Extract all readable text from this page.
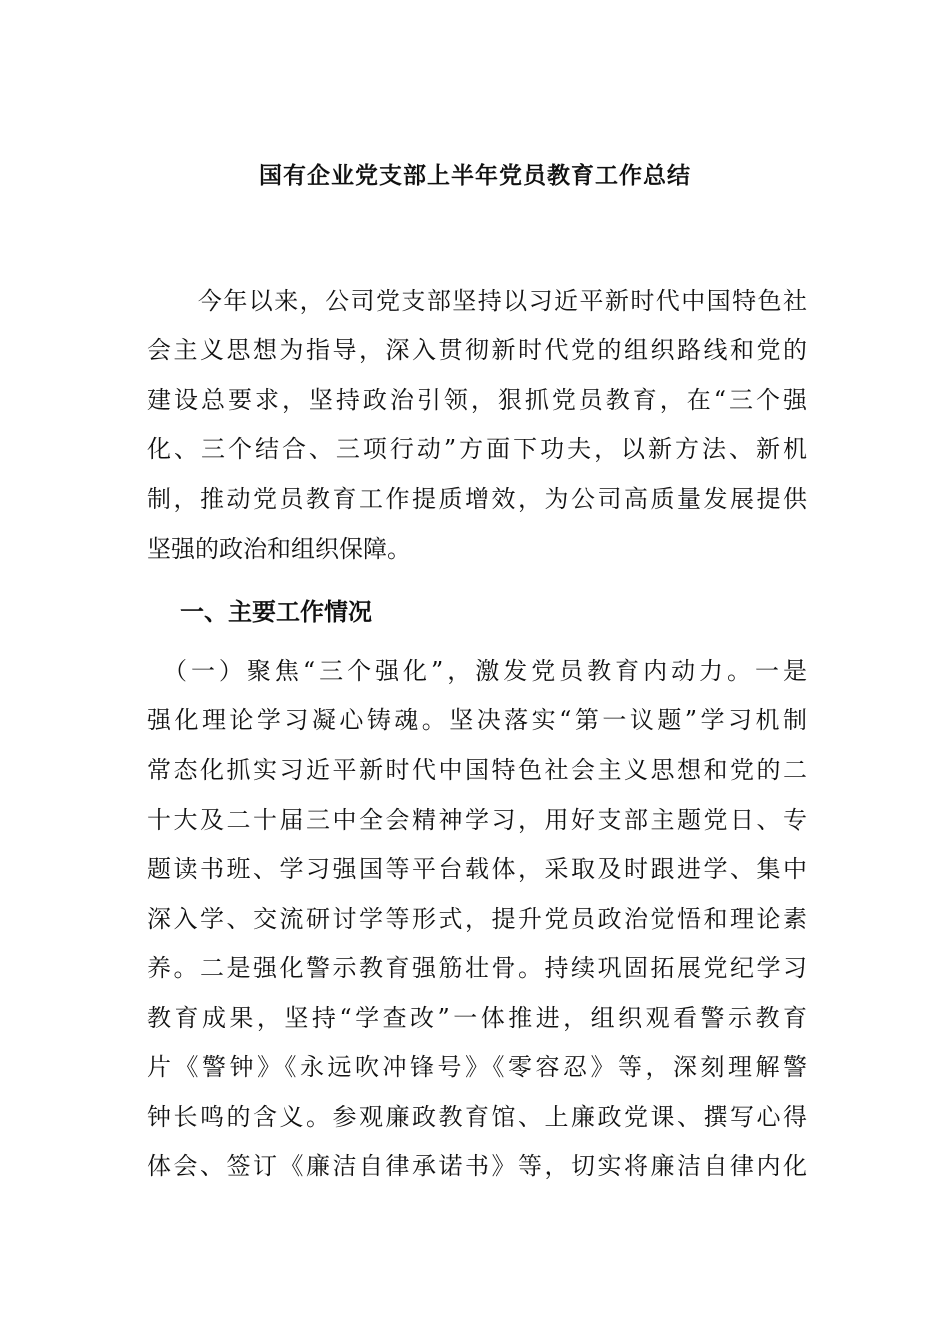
国有企业党支部上半年党员教育工作总结
　　今年以来，公司党支部坚持以习近平新时代中国特色社
会主义思想为指导，深入贯彻新时代党的组织路线和党的
建设总要求，坚持政治引领，狠抓党员教育，在“三个强
化、三个结合、三项行动”方面下功夫，以新方法、新机
制，推动党员教育工作提质增效，为公司高质量发展提供
坚强的政治和组织保障。
一、主要工作情况
　（一）聚焦“三个强化”，激发党员教育内动力。一是
强化理论学习凝心铸魂。坚决落实“第一议题”学习机制
常态化抓实习近平新时代中国特色社会主义思想和党的二
十大及二十届三中全会精神学习，用好支部主题党日、专
题读书班、学习强国等平台载体，采取及时跟进学、集中
深入学、交流研讨学等形式，提升党员政治觉悟和理论素
养。二是强化警示教育强筋壮骨。持续巩固拓展党纪学习
教育成果，坚持“学查改”一体推进，组织观看警示教育
片《警钟》《永远吹冲锋号》《零容忍》等，深刻理解警
钟长鸣的含义。参观廉政教育馆、上廉政党课、撰写心得
体会、签订《廉洁自律承诺书》等，切实将廉洁自律内化
